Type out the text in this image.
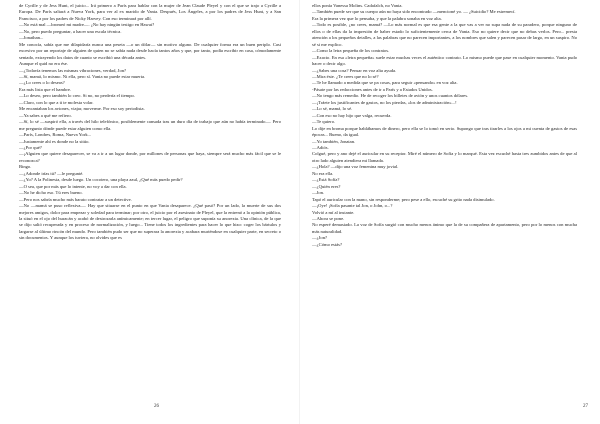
de Cyrille y de Jess Hunt, el juicio... Irá primero a París para hablar con la mujer de Jean Claude Pleyel y con el que se trajo a Cyrille a Europa. De París saltará a Nueva York, para ver al ex marido de Vania. Después, Los Ángeles, a por los padres de Jess Hunt, y a San Francisco, a por los padres de Nicky Harvey. Con eso terminará por allí.

—No está mal —bromeó mi madre—. ¿No hay ningún testigo en Hawai?

—No, pero puedo preguntar, a hacer una escala técnica.

—Jonathan...

Me conocía, sabía que me dilapidaría nunca una peseta —o un dólar— sin motivo alguno. De cualquier forma era un buen periplo. Casi excesivo por un reportaje de alguien de quien no se sabía nada desde hacía tantos años y que, por tanto, podía escribir en casa, cómodamente sentado, extrayendo los datos de cuanto se escribió una década antes.

Aunque el quid no era ése.

—¿Todavía tenemos las mismas vibraciones, verdad, Jon?

—Sí, mamá, lo mismo. Ni ella, pero sí. Vania no puede estar muerta.

—¿Lo crees o lo deseas?

Era más lista que el hambre.

—Lo deseo, pero también lo creo. Si no, no perdería el tiempo.

—Claro, con lo que a ti te molesta volar.

Me encantaban los aviones, viajar, moverme. Por eso soy periodista.

—Ya sabes a qué me refiero.

—Sí, lo sé —suspiró ella, a través del hilo telefónico, posiblemente cansada tras un duro día de trabajo que aún no había terminado—. Pero me pregunto dónde puede estar alguien como ella.

—París, Londres, Roma, Nueva York...

—Justamente ahí es donde no la sitúo.

—¿Por qué?

—¡Alguien que quiere desaparecer, se va a ir a un lugar donde, por millones de personas que haya, siempre será mucho más fácil que se le reconozca?

Bingo.

—¿Adonde irías tú? —le pregunté.

—¿Yo? A la Polinesia, desde luego. Un cocotero, una playa azul, ¿Qué más puedo pedir?

—O sea, que por más que lo intente, no voy a dar con ella.

—No he dicho eso. Tú eres bueno.

—Pero nos sabría mucho más barato contratar a un detective.

—No —mamá se puso reflexiva—. Hay que situarse en el punto en que Vania desaparece. ¿Qué pasó? Por un lado, la muerte de sus dos mejores amigos, dolor para empezar y soledad para terminar; por otro, el juicio por el asesinato de Pleyel, que la entrenó a la opinión pública, la situó en el ojo del huracán y acabó de destrozarla anímicamente; en tercer lugar, el peligro que suponía su anorexia. Una clínica, de la que se dijo salió recuperada y en proceso de normalización, y luego... Tiene todos los ingredientes para hacer lo que hizo: coger los bártulos y largarse al último rincón del mundo. Pero también pudo ser que no superara la anorexia y acabara muriéndose en cualquier parte, en secreto o sin documentos. Y aunque los tuviera, no olvides que es

26

ellos ponía Vanessa Molins. Cadafalch, no Vania.

—También puede ser que su cuerpo aún no haya sido encontrado —mencioné yo. — ¿Suicidio? Me estremecí.

Era la primera vez que lo pensaba, y que la palabra sonaba en voz alta.

—Todo es posible, ¿no crees, mamá? —Lo más normal es que esa gente a la que vas a ver no supa nada de su paradero, porque ninguno de ellos o de ellas da la impresión de haber estado lo suficientemente cerca de Vania. Eso no quiere decir que no debas verlos. Pero... presta atención a los pequeños detalles, a las palabras que no parecen importantes, a los nombres que salen y parecen pasar de largo, en un suspiro. No sé si me explico.

—Como la letra pequeña de los contratos.

—Exacto. En esa «letra pequeña» suele estar muchas veces el auténtico contrato. Lo mismo puede que pase en cualquier momento. Vania pudo hacer o decir algo.

—¿Sabes una cosa? Pensar en voz alta ayuda.

—Mira éste. ¿Te crees que no lo sé?

—Te he llamado a medida que se pa cosas, para seguir «pensando» en voz alta.

-Pásate por las redacciones antes de ir a París y a Estados Unidos.

—No tengo más remedio. He de recoger los billetes de avión y unos cuantos dólares.

—¡Tráete los justificantes de gastos, no los pierdas, «los de administración»...!

—Lo sé, mamá, lo sé.

—Con eso no hay hijo que valga, recuerda.

—Te quiero.

Lo dije en broma porque hablábamos de dinero, pero ella se lo tomó en serio. Supongo que tras tirarles a los ojos a mi cuenta de gastos de esas épocas... Bueno, da igual.

—Yo también, Jonatan.

—Adiós.

Colgué, pero y ano dejé el auricular en su receptor. Miré el número de Sofía y lo marqué. Esta vez escuché hasta tres zumbidos antes de que al otro lado alguien atendiera mi llamada.

—¿Hola? —dijo una voz femenina muy jovial.

No era ella.

—¿Está Sofía?

—¿Quién eres?

—Jon.

Tapó el auricular con la mano, sin responderme; pero pese a ello, escuché su grito nada disimulado.

—¡Oye! ¡Sofía pasante tal Jon, o John, o...?

Volvió a mí al instante.

—Ahora se pone.

No esperé demasiado. La voz de Sofía surgió con mucho menos ánimo que la de su compañera de apartamento, pero por lo menos con mucha más naturalidad.

—¿Jon?

—¿Cómo estás?

27
